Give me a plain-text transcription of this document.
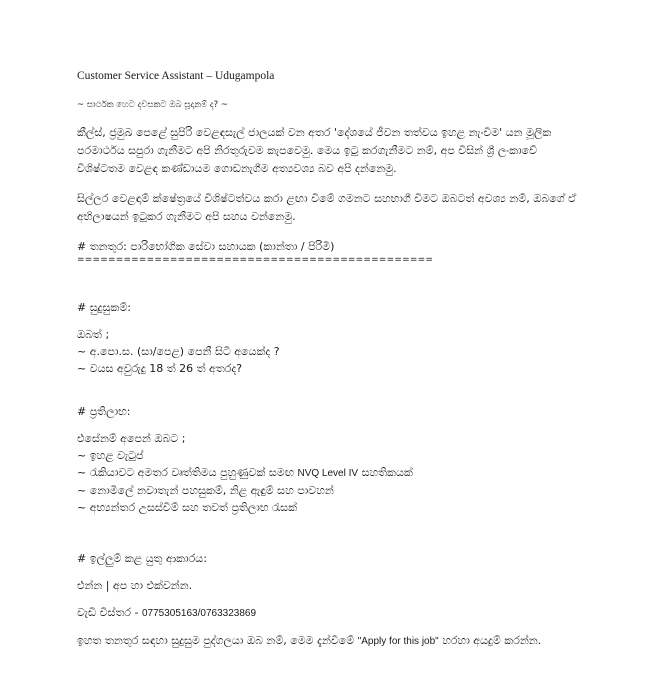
Customer Service Assistant – Udugampola

~ සාර්ථක හෙට දවසකට ඔබ සූදානම් ද? ~

කීල්ස්, ජ්‍රමුඛ පෙළේ සුපිරි වෙළඳසැල් ජාලයක් වන අතර 'දේශයේ ජීවන තත්වය ඉහළ නැංවීම' යන මූලික පරමාර්ථය සපුරා ගැනීමට අපි නිරතුරුවම කැපවෙමු. මෙය ඉටු කරගැනීමට නම්, අප විසින් ශ්‍රී ලංකාවේ විශිෂ්ටතම වෙළඳ කණ්ඩායම ගොඩනැගීම අත්‍යවශ්‍ය බව අපි දන්නෙමු.

සිල්ලර වෙළඳාම් ක්ෂේත්‍රයේ විශිෂ්ටත්වය කරා ළඟා වීමේ ගමනට සහභාගී වීමට ඔබටත් අවශ්‍ය නම්, ඔබගේ ඒ අභිලාෂයන් ඉටුකර ගැනීමට අපි සහය වන්නෙමු.

# තනතුර: පාරිභෝගික සේවා සහායක (කාන්තා / පිරිමි)

==============================================

# සුදුසුකම්:

ඔබත් ;

~ අ.පො.ස. (සා/පෙළ) පෙනී සිටි අයෙක්ද ?
~ වයස අවුරුදු 18 ත් 26 ත් අතරද?

# ප්‍රතිලාභ:

එසේනම් අපෙන් ඔබට ;

~ ඉහළ වැටුප්
~ රැකියාවට අමතර වෘත්තිමය පුහුණුවක් සමඟ NVQ Level IV සහතිකයක්
~ නොමිලේ නවාතැන් පහසුකම්, නිළ ඇඳුම් සහ පාවහන්
~ අභ්‍යන්තර උසස්වීම් සහ තවත් ප්‍රතිලාභ රැසක්

# ඉල්ලුම් කළ යුතු ආකාරය:

එන්න | අප හා එක්වන්න.

වැඩි විස්තර - 0775305163/0763323869

ඉහත තනතුර සඳහා සුදුසුම පුද්ගලයා ඔබ නම්, මෙම දැන්වීමේ "Apply for this job" හරහා අයදුම් කරන්න.
